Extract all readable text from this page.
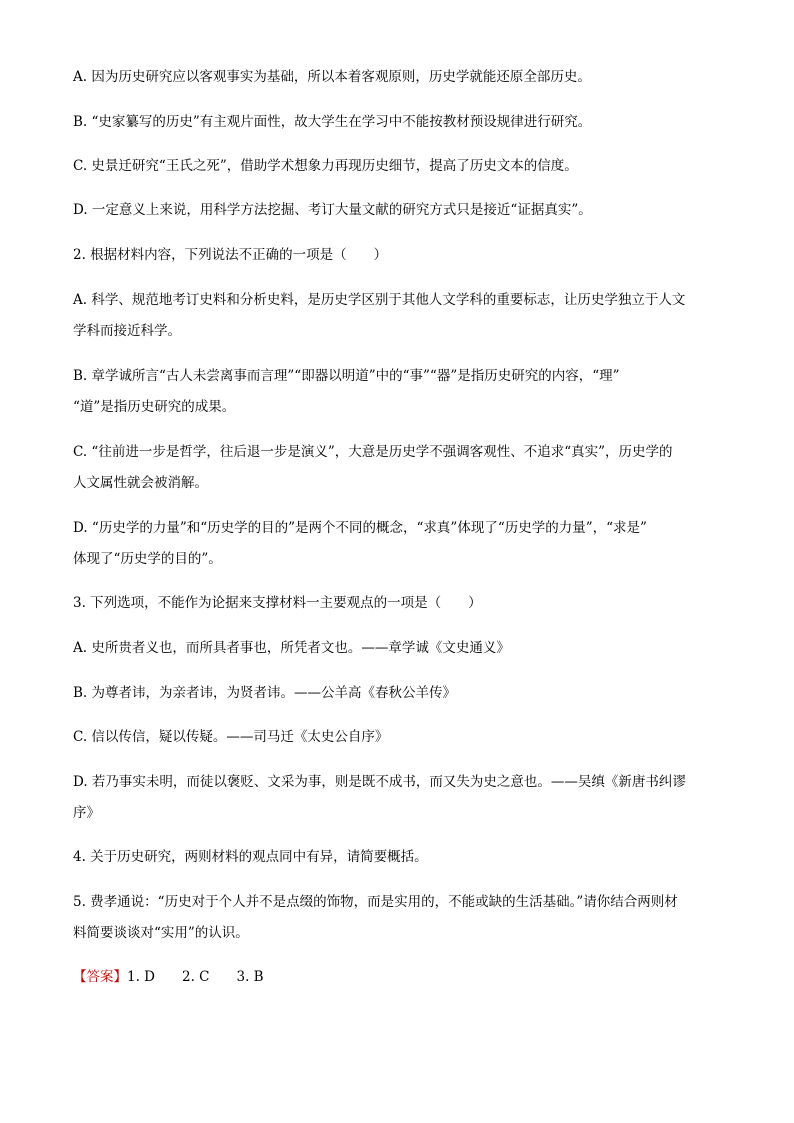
A. 因为历史研究应以客观事实为基础，所以本着客观原则，历史学就能还原全部历史。
B. “史家纂写的历史”有主观片面性，故大学生在学习中不能按教材预设规律进行研究。
C. 史景迁研究“王氏之死”，借助学术想象力再现历史细节，提高了历史文本的信度。
D. 一定意义上来说，用科学方法挖掘、考订大量文献的研究方式只是接近“证据真实”。
2. 根据材料内容，下列说法不正确的一项是（　　）
A. 科学、规范地考订史料和分析史料，是历史学区别于其他人文学科的重要标志，让历史学独立于人文
学科而接近科学。
B. 章学诚所言“古人未尝离事而言理”“即器以明道”中的“事”“器”是指历史研究的内容，“理”
“道”是指历史研究的成果。
C. “往前进一步是哲学，往后退一步是演义”，大意是历史学不强调客观性、不追求“真实”，历史学的
人文属性就会被消解。
D. “历史学的力量”和“历史学的目的”是两个不同的概念，“求真”体现了“历史学的力量”，“求是”
体现了“历史学的目的”。
3. 下列选项，不能作为论据来支撑材料一主要观点的一项是（　　）
A. 史所贵者义也，而所具者事也，所凭者文也。——章学诚《文史通义》
B. 为尊者讳，为亲者讳，为贤者讳。——公羊高《春秋公羊传》
C. 信以传信，疑以传疑。——司马迁《太史公自序》
D. 若乃事实未明，而徒以褒贬、文采为事，则是既不成书，而又失为史之意也。——吴缜《新唐书纠谬
序》
4. 关于历史研究，两则材料的观点同中有异，请简要概括。
5. 费孝通说：“历史对于个人并不是点缀的饰物，而是实用的，不能或缺的生活基础。”请你结合两则材
料简要谈谈对“实用”的认识。
【答案】1. D　　2. C　　3. B
